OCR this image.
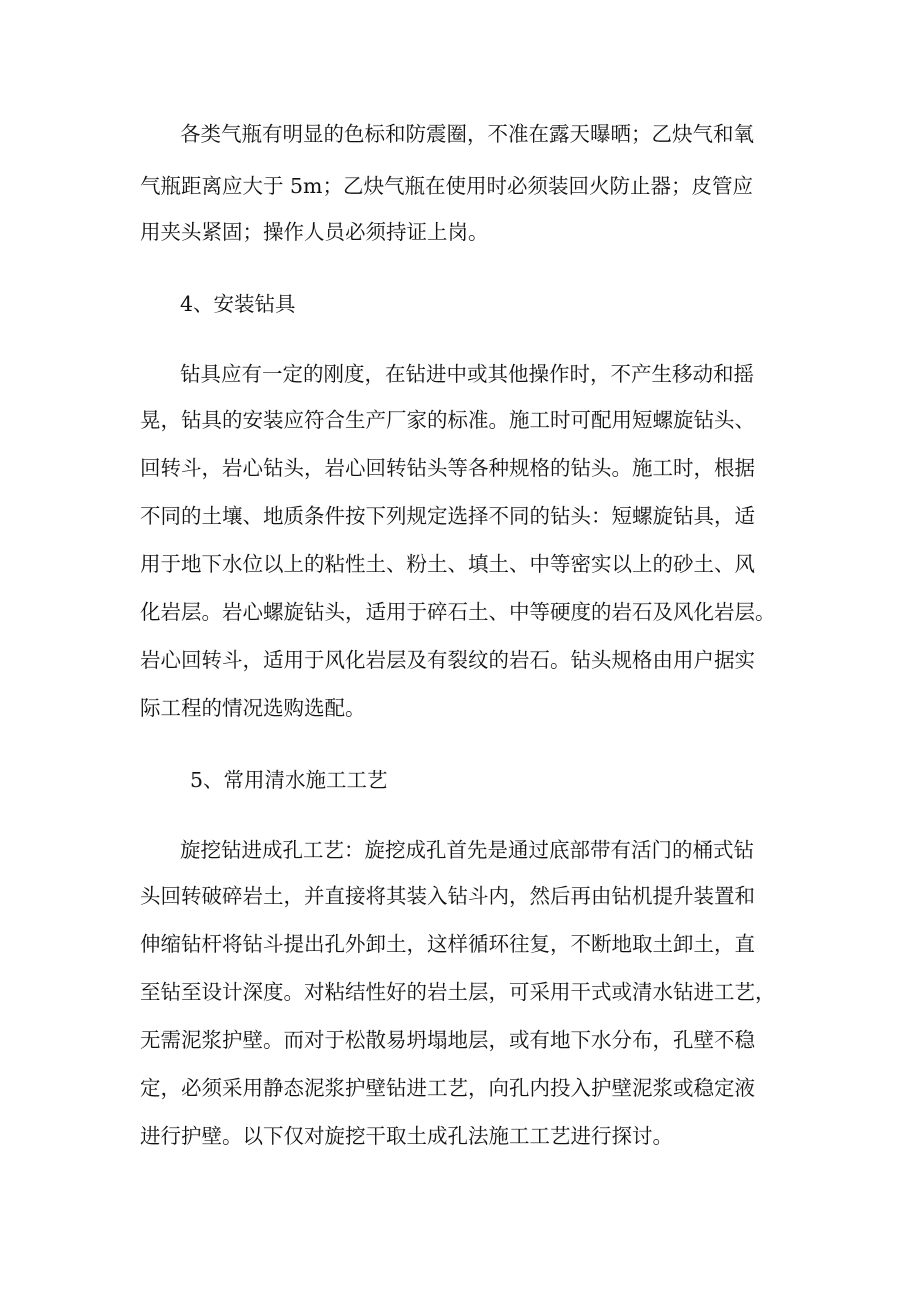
各类气瓶有明显的色标和防震圈，不准在露天曝晒；乙炔气和氧

气瓶距离应大于 5m；乙炔气瓶在使用时必须装回火防止器；皮管应

用夹头紧固；操作人员必须持证上岗。

4、安装钻具

钻具应有一定的刚度，在钻进中或其他操作时，不产生移动和摇

晃，钻具的安装应符合生产厂家的标准。施工时可配用短螺旋钻头、

回转斗，岩心钻头，岩心回转钻头等各种规格的钻头。施工时，根据

不同的土壤、地质条件按下列规定选择不同的钻头：短螺旋钻具，适

用于地下水位以上的粘性土、粉土、填土、中等密实以上的砂土、风

化岩层。岩心螺旋钻头，适用于碎石土、中等硬度的岩石及风化岩层。

岩心回转斗，适用于风化岩层及有裂纹的岩石。钻头规格由用户据实

际工程的情况选购选配。

5、常用清水施工工艺

旋挖钻进成孔工艺：旋挖成孔首先是通过底部带有活门的桶式钻

头回转破碎岩土，并直接将其装入钻斗内，然后再由钻机提升装置和

伸缩钻杆将钻斗提出孔外卸土，这样循环往复，不断地取土卸土，直

至钻至设计深度。对粘结性好的岩土层，可采用干式或清水钻进工艺，

无需泥浆护壁。而对于松散易坍塌地层，或有地下水分布，孔壁不稳

定，必须采用静态泥浆护壁钻进工艺，向孔内投入护壁泥浆或稳定液

进行护壁。以下仅对旋挖干取土成孔法施工工艺进行探讨。
